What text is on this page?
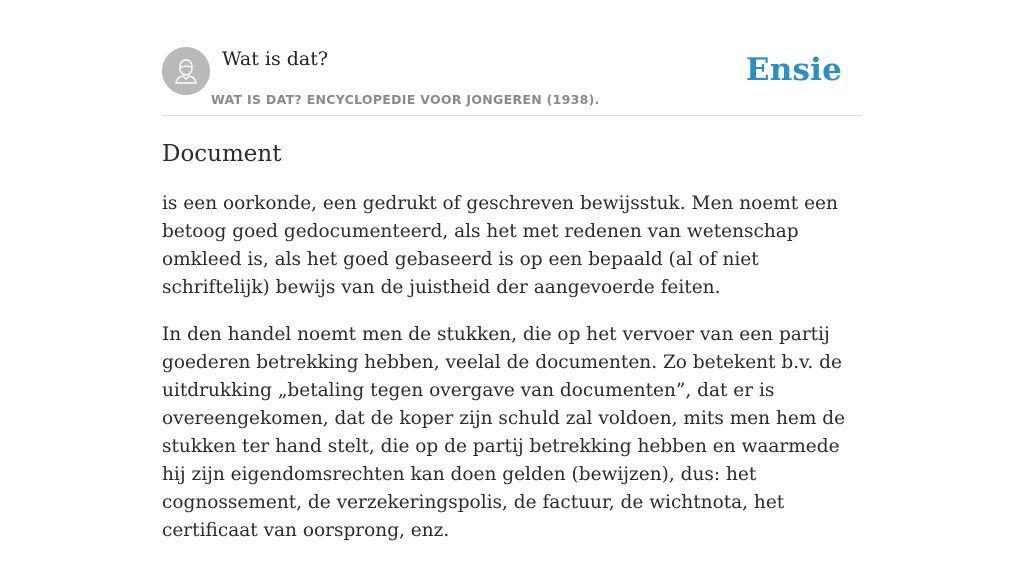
Wat is dat?
WAT IS DAT? ENCYCLOPEDIE VOOR JONGEREN (1938).
Ensie
Document

is een oorkonde, een gedrukt of geschreven bewijsstuk. Men noemt een betoog goed gedocumenteerd, als het met redenen van wetenschap omkleed is, als het goed gebaseerd is op een bepaald (al of niet schriftelijk) bewijs van de juistheid der aangevoerde feiten.

In den handel noemt men de stukken, die op het vervoer van een partij goederen betrekking hebben, veelal de documenten. Zo betekent b.v. de uitdrukking „betaling tegen overgave van documenten”, dat er is overeengekomen, dat de koper zijn schuld zal voldoen, mits men hem de stukken ter hand stelt, die op de partij betrekking hebben en waarmede hij zijn eigendomsrechten kan doen gelden (bewijzen), dus: het cognossement, de verzekeringspolis, de factuur, de wichtnota, het certificaat van oorsprong, enz.
